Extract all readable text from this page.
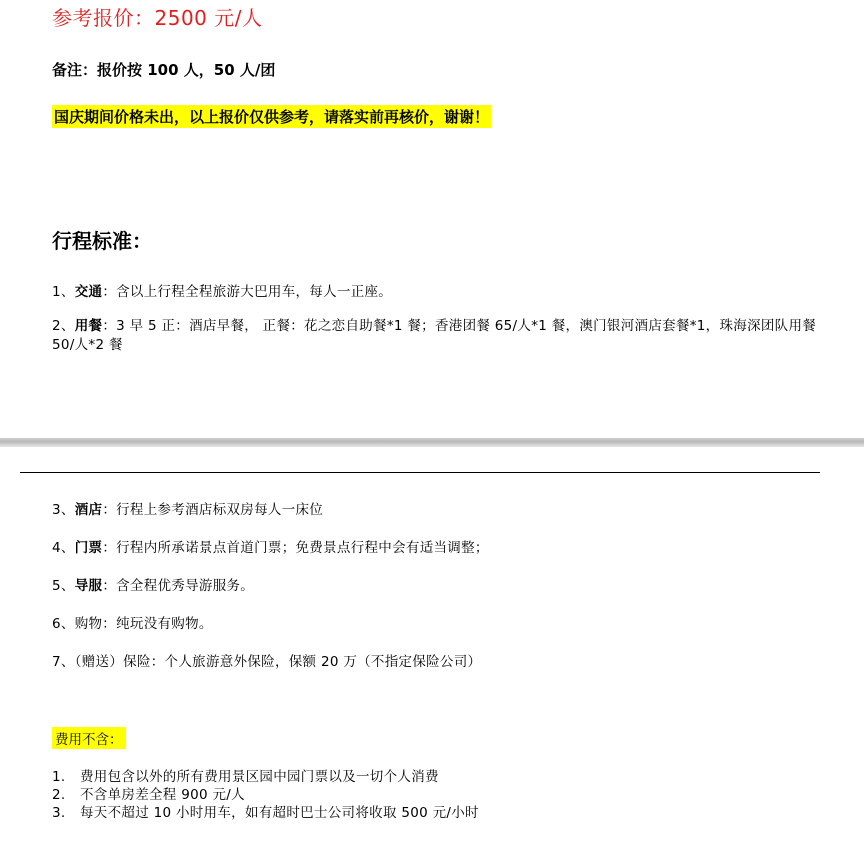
参考报价：2500 元/人
备注：报价按 100 人，50 人/团
国庆期间价格未出，以上报价仅供参考，请落实前再核价，谢谢！
行程标准：
1、交通：含以上行程全程旅游大巴用车，每人一正座。
2、用餐：3 早 5 正：酒店早餐， 正餐：花之恋自助餐*1 餐；香港团餐 65/人*1 餐，澳门银河酒店套餐*1，珠海深团队用餐 50/人*2 餐
3、酒店：行程上参考酒店标双房每人一床位
4、门票：行程内所承诺景点首道门票；免费景点行程中会有适当调整；
5、导服：含全程优秀导游服务。
6、购物：纯玩没有购物。
7、（赠送）保险：个人旅游意外保险，保额 20 万（不指定保险公司）
费用不含：
1. 费用包含以外的所有费用景区园中园门票以及一切个人消费
2. 不含单房差全程 900 元/人
3. 每天不超过 10 小时用车，如有超时巴士公司将收取 500 元/小时
